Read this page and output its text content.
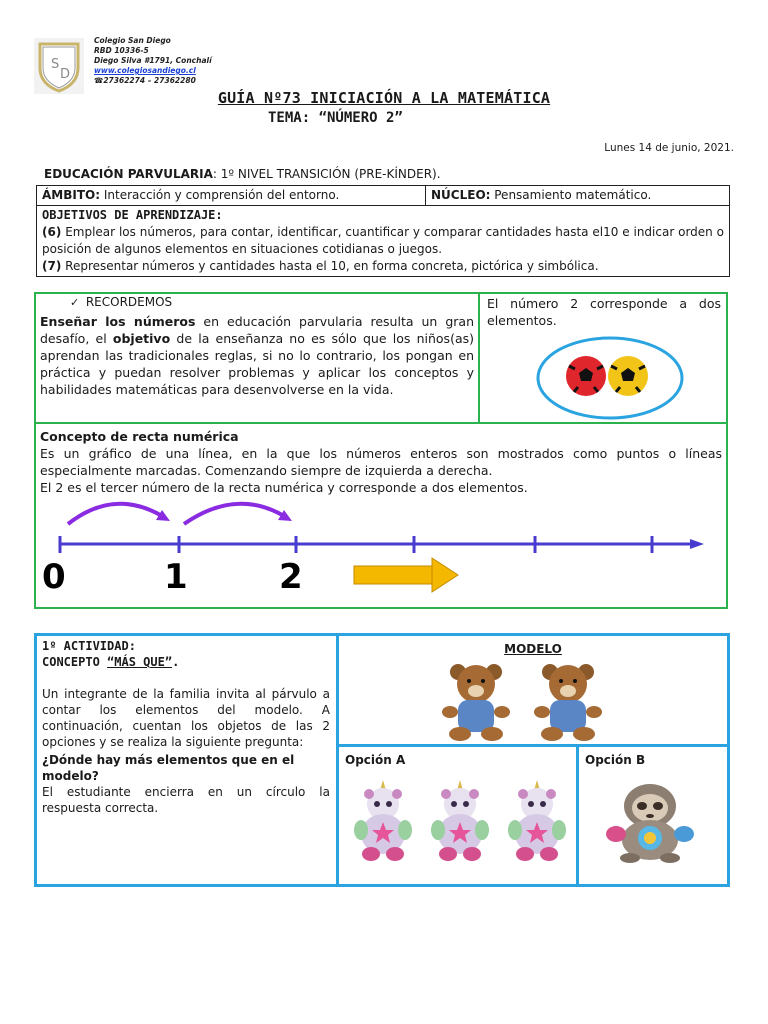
S
D
Colegio San Diego
RBD 10336-5
Diego Silva #1791, Conchalí
www.colegiosandiego.cl
☎27362274 – 27362280
GUÍA Nº73 INICIACIÓN A LA MATEMÁTICA
TEMA: “NÚMERO 2”
Lunes 14 de junio, 2021.
EDUCACIÓN PARVULARIA: 1º NIVEL TRANSICIÓN (PRE-KÍNDER).
ÁMBITO: Interacción y comprensión del entorno.	NÚCLEO: Pensamiento matemático.

OBJETIVOS DE APRENDIZAJE:
(6) Emplear los números, para contar, identificar, cuantificar y comparar cantidades hasta el10 e indicar orden o posición de algunos elementos en situaciones cotidianas o juegos.
(7) Representar números y cantidades hasta el 10, en forma concreta, pictórica y simbólica.
✓ RECORDEMOS
Enseñar los números en educación parvularia resulta un gran desafío, el objetivo de la enseñanza no es sólo que los niños(as) aprendan las tradicionales reglas, si no lo contrario, los pongan en práctica y puedan resolver problemas y aplicar los conceptos y habilidades matemáticas para desenvolverse en la vida.
El número 2 corresponde a dos elementos.
Concepto de recta numérica
Es un gráfico de una línea, en la que los números enteros son mostrados como puntos o líneas especialmente marcadas. Comenzando siempre de izquierda a derecha.
El 2 es el tercer número de la recta numérica y corresponde a dos elementos.
0	1	2
1º ACTIVIDAD:
CONCEPTO “MÁS QUE”.
Un integrante de la familia invita al párvulo a contar los elementos del modelo. A continuación, cuentan los objetos de las 2 opciones y se realiza la siguiente pregunta:
¿Dónde hay más elementos que en el modelo?
El estudiante encierra en un círculo la respuesta correcta.
MODELO
Opción A	Opción B
